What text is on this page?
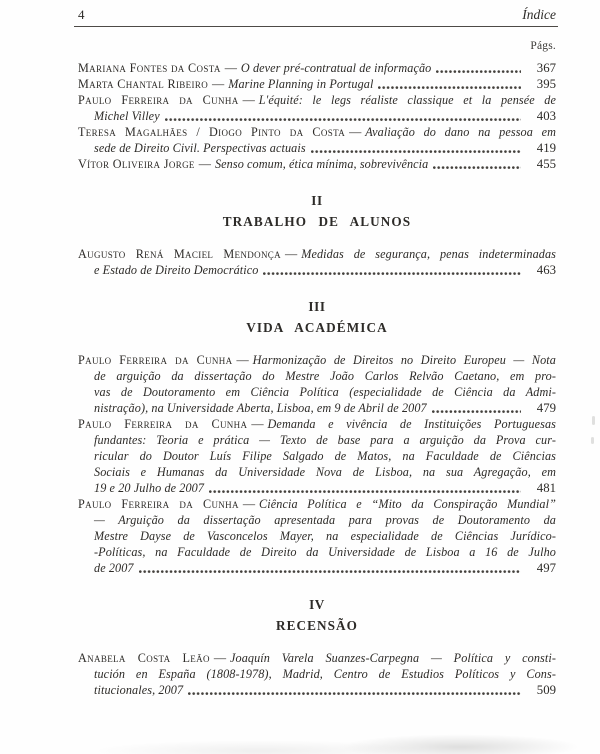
4	Índice
Págs.
Mariana Fontes da Costa — O dever pré-contratual de informação	367
Marta Chantal Ribeiro — Marine Planning in Portugal	395
Paulo Ferreira da Cunha — L'équité: le legs réaliste classique et la pensée de
Michel Villey	403
Teresa Magalhães / Diogo Pinto da Costa — Avaliação do dano na pessoa em
sede de Direito Civil. Perspectivas actuais	419
Vítor Oliveira Jorge — Senso comum, ética mínima, sobrevivência	455
II
TRABALHO DE ALUNOS
Augusto Rená Maciel Mendonça — Medidas de segurança, penas indeterminadas
e Estado de Direito Democrático	463
III
VIDA ACADÉMICA
Paulo Ferreira da Cunha — Harmonização de Direitos no Direito Europeu — Nota
de arguição da dissertação do Mestre João Carlos Relvão Caetano, em pro-
vas de Doutoramento em Ciência Política (especialidade de Ciência da Admi-
nistração), na Universidade Aberta, Lisboa, em 9 de Abril de 2007	479
Paulo Ferreira da Cunha — Demanda e vivência de Instituições Portuguesas
fundantes: Teoria e prática — Texto de base para a arguição da Prova cur-
ricular do Doutor Luís Filipe Salgado de Matos, na Faculdade de Ciências
Sociais e Humanas da Universidade Nova de Lisboa, na sua Agregação, em
19 e 20 Julho de 2007	481
Paulo Ferreira da Cunha — Ciência Política e “Mito da Conspiração Mundial”
— Arguição da dissertação apresentada para provas de Doutoramento da
Mestre Dayse de Vasconcelos Mayer, na especialidade de Ciências Jurídico-
-Políticas, na Faculdade de Direito da Universidade de Lisboa a 16 de Julho
de 2007	497
IV
RECENSÃO
Anabela Costa Leão — Joaquín Varela Suanzes-Carpegna — Política y consti-
tución en España (1808-1978), Madrid, Centro de Estudios Políticos y Cons-
titucionales, 2007	509
